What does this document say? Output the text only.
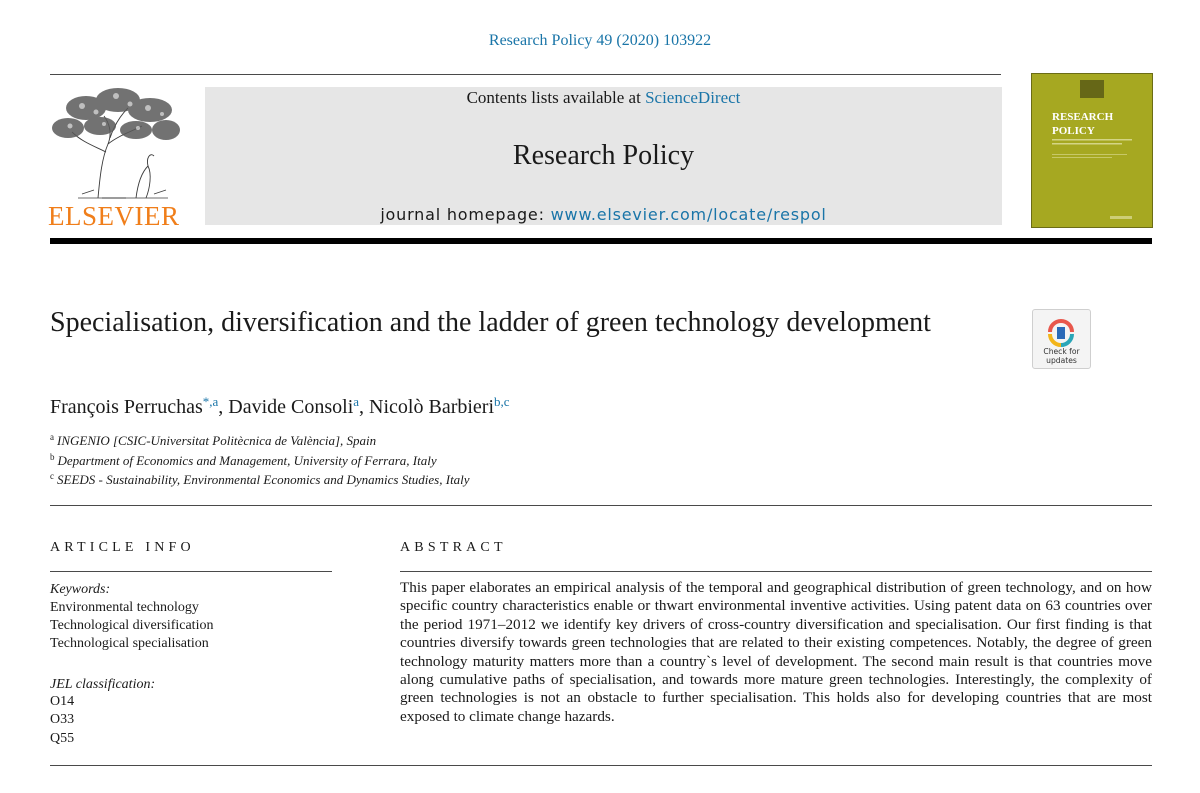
Research Policy 49 (2020) 103922
ELSEVIER
Contents lists available at ScienceDirect
Research Policy
journal homepage: www.elsevier.com/locate/respol
RESEARCH
POLICY
Specialisation, diversification and the ladder of green technology development
Check for
updates
François Perruchas$^{*,a}$, Davide Consoli$^a$, Nicolò Barbieri$^{b,c}$
$^a$ INGENIO [CSIC-Universitat Politècnica de València], Spain
$^b$ Department of Economics and Management, University of Ferrara, Italy
$^c$ SEEDS - Sustainability, Environmental Economics and Dynamics Studies, Italy
ARTICLE INFO
Keywords:
Environmental technology
Technological diversification
Technological specialisation
JEL classification:
O14
O33
Q55
ABSTRACT

This paper elaborates an empirical analysis of the temporal and geographical distribution of green technology, and on how specific country characteristics enable or thwart environmental inventive activities. Using patent data on 63 countries over the period 1971–2012 we identify key drivers of cross-country diversification and specialisation. Our first finding is that countries diversify towards green technologies that are related to their existing competences. Notably, the degree of green technology maturity matters more than a country`s level of development. The second main result is that countries move along cumulative paths of specialisation, and towards more mature green technologies. Interestingly, the complexity of green technologies is not an obstacle to further specialisation. This holds also for developing countries that are most exposed to climate change hazards.
